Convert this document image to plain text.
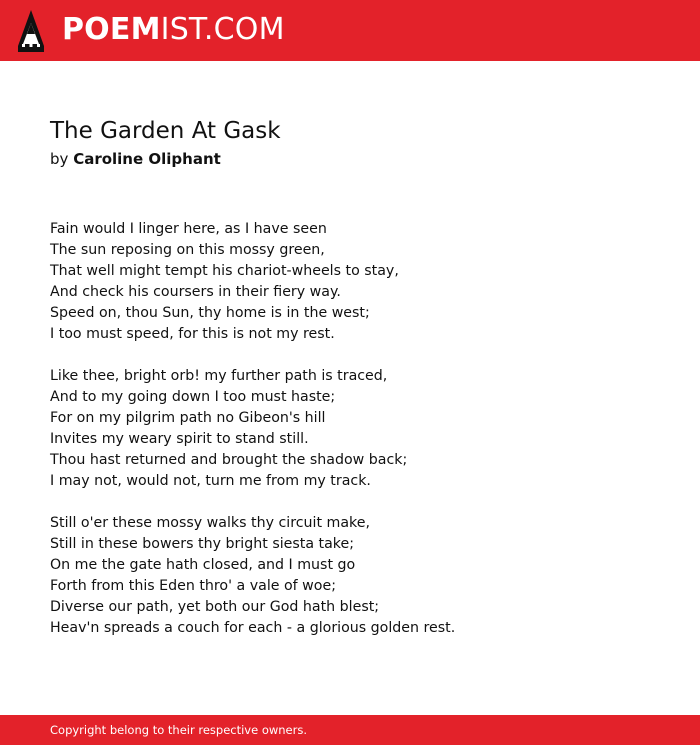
POEMIST.COM
The Garden At Gask
by Caroline Oliphant
Fain would I linger here, as I have seen
The sun reposing on this mossy green,
That well might tempt his chariot-wheels to stay,
And check his coursers in their fiery way.
Speed on, thou Sun, thy home is in the west;
I too must speed, for this is not my rest.
Like thee, bright orb! my further path is traced,
And to my going down I too must haste;
For on my pilgrim path no Gibeon's hill
Invites my weary spirit to stand still.
Thou hast returned and brought the shadow back;
I may not, would not, turn me from my track.
Still o'er these mossy walks thy circuit make,
Still in these bowers thy bright siesta take;
On me the gate hath closed, and I must go
Forth from this Eden thro' a vale of woe;
Diverse our path, yet both our God hath blest;
Heav'n spreads a couch for each - a glorious golden rest.
Copyright belong to their respective owners.
